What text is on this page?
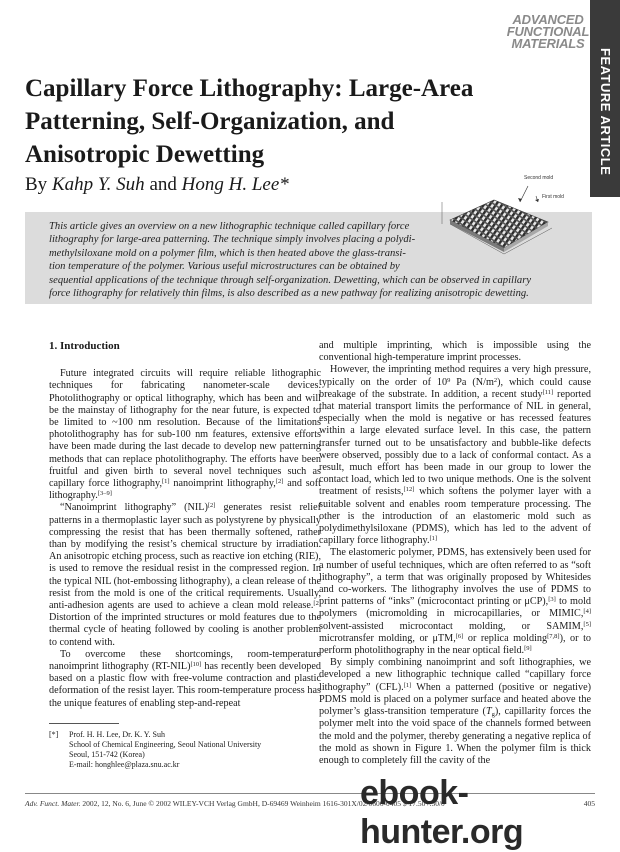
ADVANCED
FUNCTIONAL
MATERIALS
FEATURE ARTICLE
Capillary Force Lithography: Large-Area
Patterning, Self-Organization, and
Anisotropic Dewetting
By Kahp Y. Suh and Hong H. Lee*	Second mold
First mold
This article gives an overview on a new lithographic technique called capillary force
lithography for large-area patterning. The technique simply involves placing a polydi-
methylsiloxane mold on a polymer film, which is then heated above the glass-transi-
tion temperature of the polymer. Various useful microstructures can be obtained by
sequential applications of the technique through self-organization. Dewetting, which can be observed in capillary
force lithography for relatively thin films, is also described as a new pathway for realizing anisotropic dewetting.
1. Introduction

Future integrated circuits will require reliable lithographic techniques for fabricating nanometer-scale devices. Photolithography or optical lithography, which has been and will be the mainstay of lithography for the near future, is expected to be limited to ~100 nm resolution. Because of the limitations photolithography has for sub-100 nm features, extensive efforts have been made during the last decade to develop new patterning methods that can replace photolithography. The efforts have been fruitful and given birth to several novel techniques such as capillary force lithography,[1] nanoimprint lithography,[2] and soft lithography.[3–9]

“Nanoimprint lithography” (NIL)[2] generates resist relief patterns in a thermoplastic layer such as polystyrene by physically compressing the resist that has been thermally softened, rather than by modifying the resist’s chemical structure by irradiation. An anisotropic etching process, such as reactive ion etching (RIE), is used to remove the residual resist in the compressed region. In the typical NIL (hot-embossing lithography), a clean release of the resist from the mold is one of the critical requirements. Usually, anti-adhesion agents are used to achieve a clean mold release.[2] Distortion of the imprinted structures or mold features due to the thermal cycle of heating followed by cooling is another problem to contend with.

To overcome these shortcomings, room-temperature nanoimprint lithography (RT-NIL)[10] has recently been developed based on a plastic flow with free-volume contraction and plastic deformation of the resist layer. This room-temperature process has the unique features of enabling step-and-repeat

and multiple imprinting, which is impossible using the conventional high-temperature imprint processes.

However, the imprinting method requires a very high pressure, typically on the order of $10^9$ Pa $(N/m^2)$, which could cause breakage of the substrate. In addition, a recent study[11] reported that material transport limits the performance of NIL in general, especially when the mold is negative or has recessed features within a large elevated surface level. In this case, the pattern transfer turned out to be unsatisfactory and bubble-like defects were observed, possibly due to a lack of conformal contact. As a result, much effort has been made in our group to lower the contact load, which led to two unique methods. One is the solvent treatment of resists,[12] which softens the polymer layer with a suitable solvent and enables room temperature processing. The other is the introduction of an elastomeric mold such as polydimethylsiloxane (PDMS), which has led to the advent of capillary force lithography.[1]

The elastomeric polymer, PDMS, has extensively been used for a number of useful techniques, which are often referred to as “soft lithography”, a term that was originally proposed by Whitesides and co-workers. The lithography involves the use of PDMS to print patterns of “inks” (microcontact printing or μCP),[3] to mold polymers (micromolding in microcapillaries, or MIMIC,[4] solvent-assisted microcontact molding, or SAMIM,[5] microtransfer molding, or μTM,[6] or replica molding[7,8]), or to perform photolithography in the near optical field.[9]

By simply combining nanoimprint and soft lithographies, we developed a new lithographic technique called “capillary force lithography” (CFL).[1] When a patterned (positive or negative) PDMS mold is placed on a polymer surface and heated above the polymer’s glass-transition temperature $(T_g)$, capillarity forces the polymer melt into the void space of the channels formed between the mold and the polymer, thereby generating a negative replica of the mold as shown in Figure 1. When the polymer film is thick enough to completely fill the cavity of the

[*] Prof. H. H. Lee, Dr. K. Y. Suh
School of Chemical Engineering, Seoul National University
Seoul, 151-742 (Korea)
E-mail: honghlee@plaza.snu.ac.kr
Adv. Funct. Mater. 2002, 12, No. 6, June © 2002 WILEY-VCH Verlag GmbH, D-69469 Weinheim 1616-301X/02/0606-0405 $ 17.50+.50/0	405
ebook-hunter.org
